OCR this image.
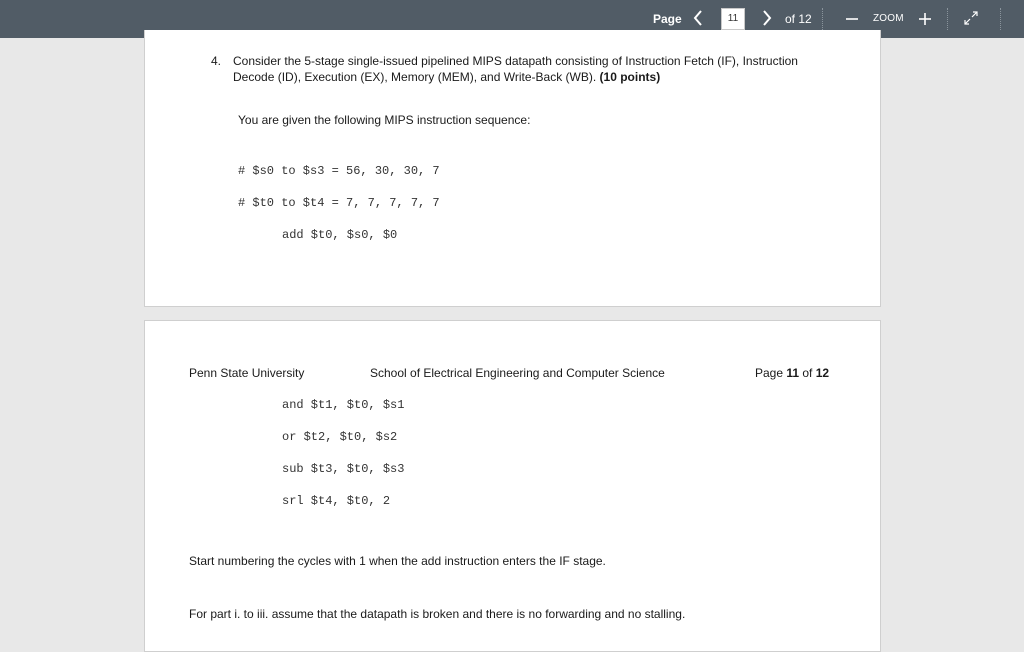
Page
11	of 12	ZOOM
4. Consider the 5-stage single-issued pipelined MIPS datapath consisting of Instruction Fetch (IF), Instruction
Decode (ID), Execution (EX), Memory (MEM), and Write-Back (WB). (10 points)
You are given the following MIPS instruction sequence:
# $s0 to $s3 = 56, 30, 30, 7
# $t0 to $t4 = 7, 7, 7, 7, 7
add $t0, $s0, $0
Penn State University	School of Electrical Engineering and Computer Science	Page 11 of 12
and $t1, $t0, $s1
or $t2, $t0, $s2
sub $t3, $t0, $s3
srl $t4, $t0, 2
Start numbering the cycles with 1 when the add instruction enters the IF stage.
For part i. to iii. assume that the datapath is broken and there is no forwarding and no stalling.
